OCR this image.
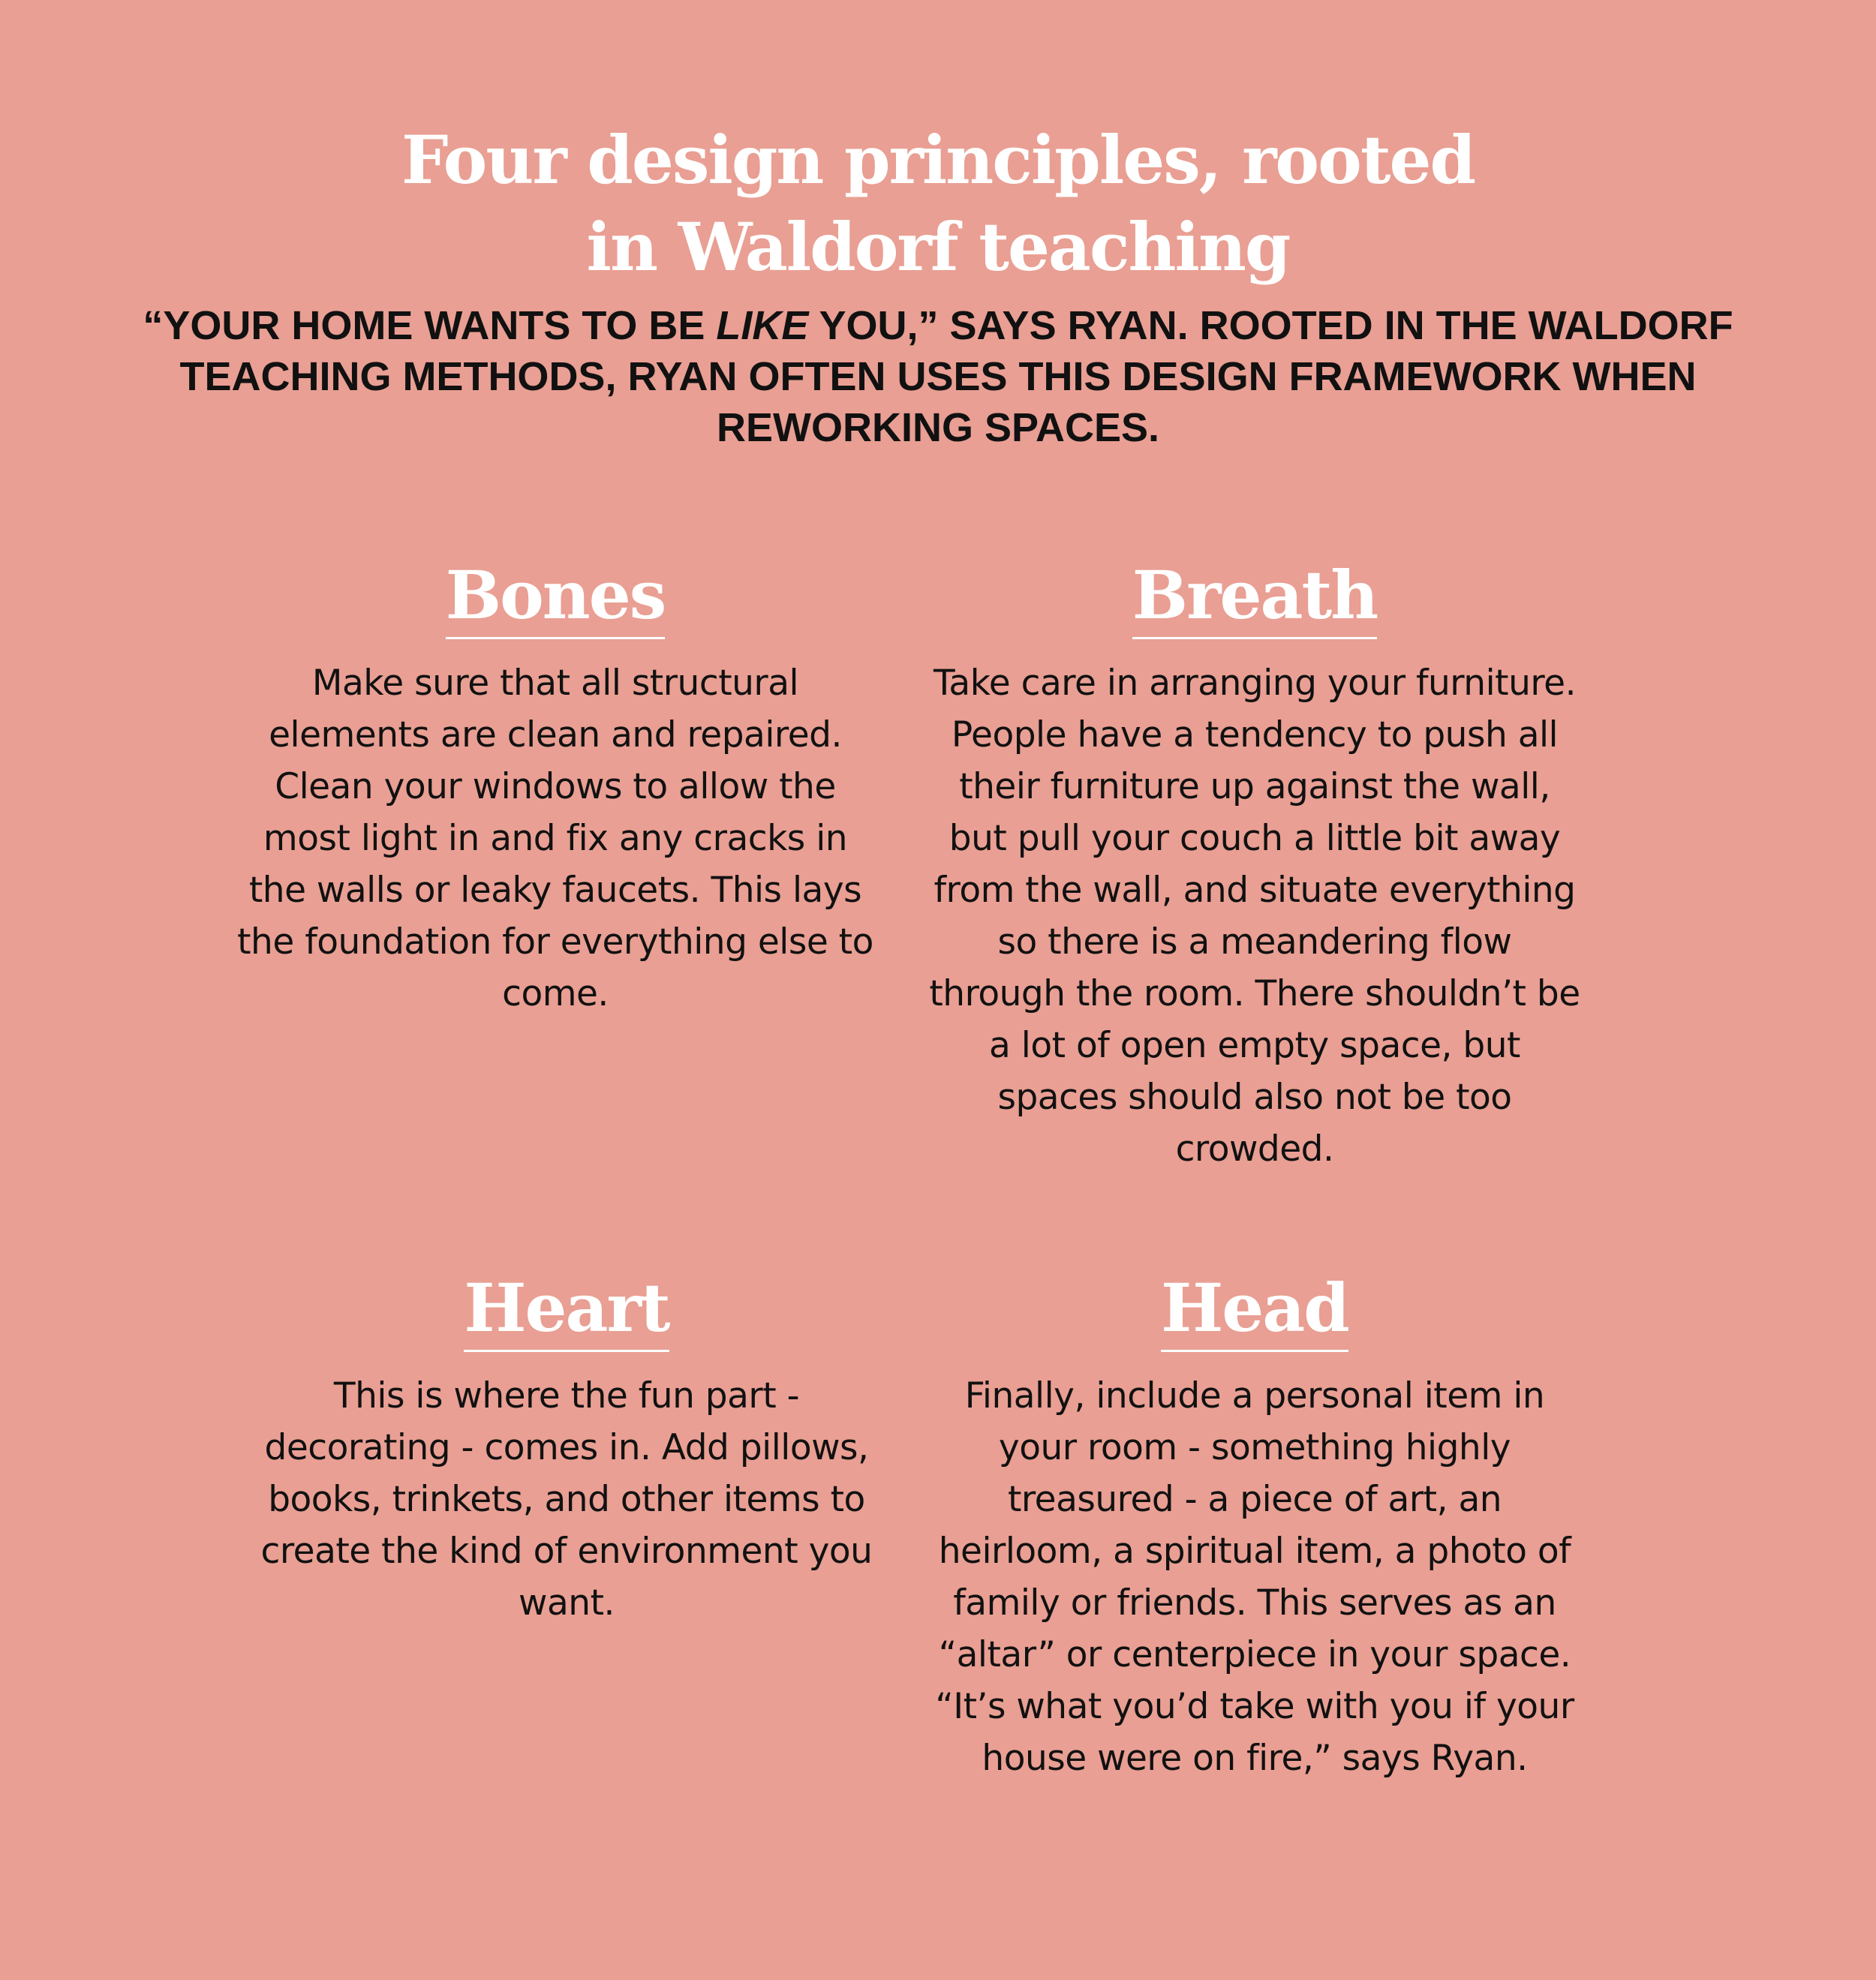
Four design principles, rooted
in Waldorf teaching

“YOUR HOME WANTS TO BE LIKE YOU,” SAYS RYAN. ROOTED IN THE WALDORF TEACHING METHODS, RYAN OFTEN USES THIS DESIGN FRAMEWORK WHEN REWORKING SPACES.

Bones

Make sure that all structural elements are clean and repaired. Clean your windows to allow the most light in and fix any cracks in the walls or leaky faucets. This lays the foundation for everything else to come.

Breath

Take care in arranging your furniture. People have a tendency to push all their furniture up against the wall, but pull your couch a little bit away from the wall, and situate everything so there is a meandering flow through the room. There shouldn’t be a lot of open empty space, but spaces should also not be too crowded.

Heart

This is where the fun part - decorating - comes in. Add pillows, books, trinkets, and other items to create the kind of environment you want.

Head

Finally, include a personal item in your room - something highly treasured - a piece of art, an heirloom, a spiritual item, a photo of family or friends. This serves as an “altar” or centerpiece in your space. “It’s what you’d take with you if your house were on fire,” says Ryan.
